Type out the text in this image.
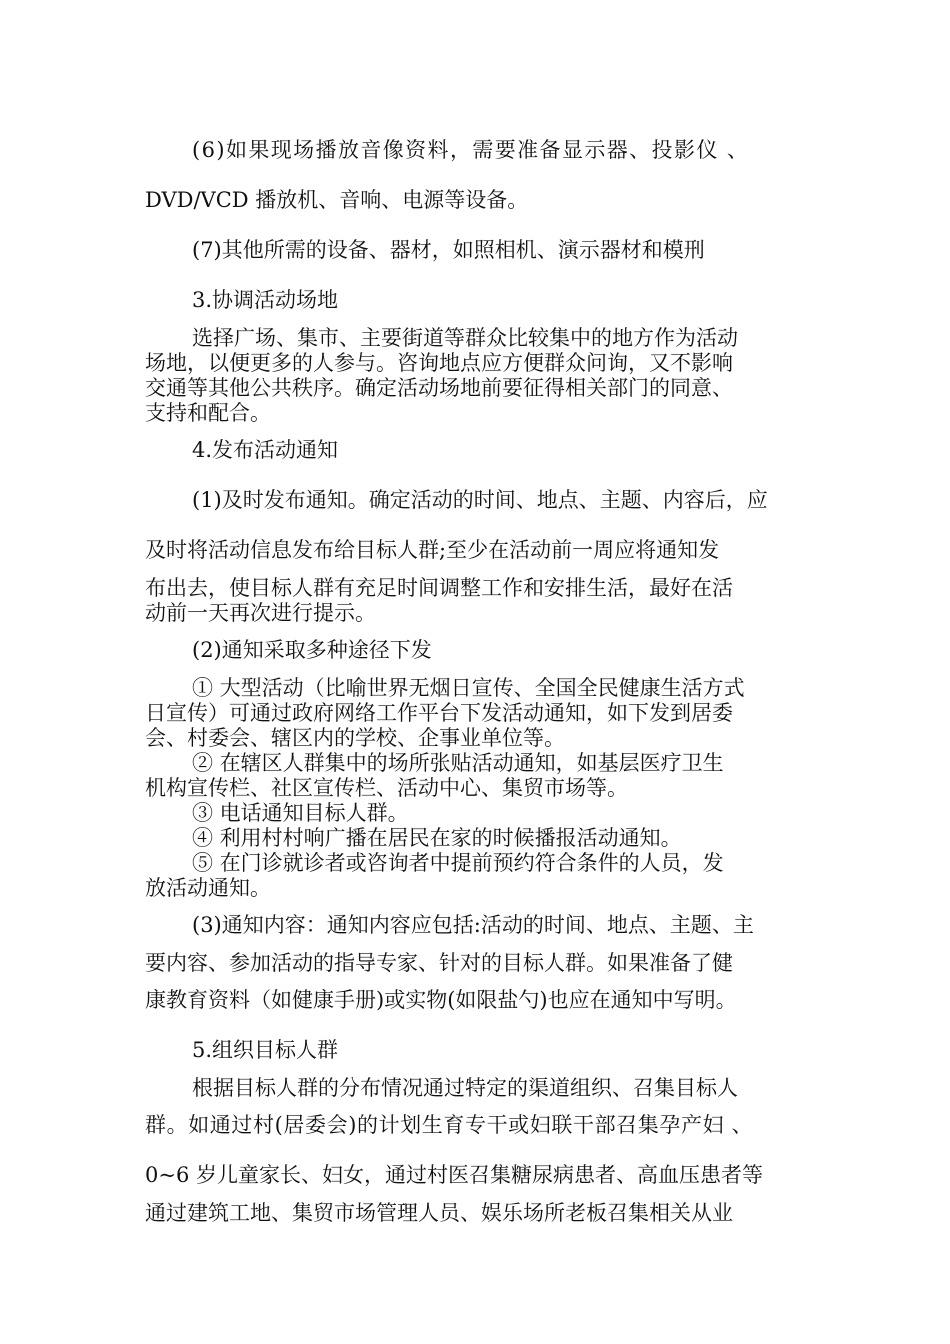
(6)如果现场播放音像资料，需要准备显示器、投影仪 、
DVD/VCD 播放机、音响、电源等设备。
(7)其他所需的设备、器材，如照相机、演示器材和模刑
3.协调活动场地
选择广场、集市、主要街道等群众比较集中的地方作为活动
场地，以便更多的人参与。咨询地点应方便群众问询，又不影响
交通等其他公共秩序。确定活动场地前要征得相关部门的同意、
支持和配合。
4.发布活动通知
(1)及时发布通知。确定活动的时间、地点、主题、内容后，应
及时将活动信息发布给目标人群;至少在活动前一周应将通知发
布出去，使目标人群有充足时间调整工作和安排生活，最好在活
动前一天再次进行提示。
(2)通知采取多种途径下发
① 大型活动（比喻世界无烟日宣传、全国全民健康生活方式
日宣传）可通过政府网络工作平台下发活动通知，如下发到居委
会、村委会、辖区内的学校、企事业单位等。
② 在辖区人群集中的场所张贴活动通知，如基层医疗卫生
机构宣传栏、社区宣传栏、活动中心、集贸市场等。
③ 电话通知目标人群。
④ 利用村村响广播在居民在家的时候播报活动通知。
⑤ 在门诊就诊者或咨询者中提前预约符合条件的人员，发
放活动通知。
(3)通知内容：通知内容应包括:活动的时间、地点、主题、主
要内容、参加活动的指导专家、针对的目标人群。如果准备了健
康教育资料（如健康手册)或实物(如限盐勺)也应在通知中写明。
5.组织目标人群
根据目标人群的分布情况通过特定的渠道组织、召集目标人
群。如通过村(居委会)的计划生育专干或妇联干部召集孕产妇 、
0~6 岁儿童家长、妇女，通过村医召集糖尿病患者、高血压患者等
通过建筑工地、集贸市场管理人员、娱乐场所老板召集相关从业
